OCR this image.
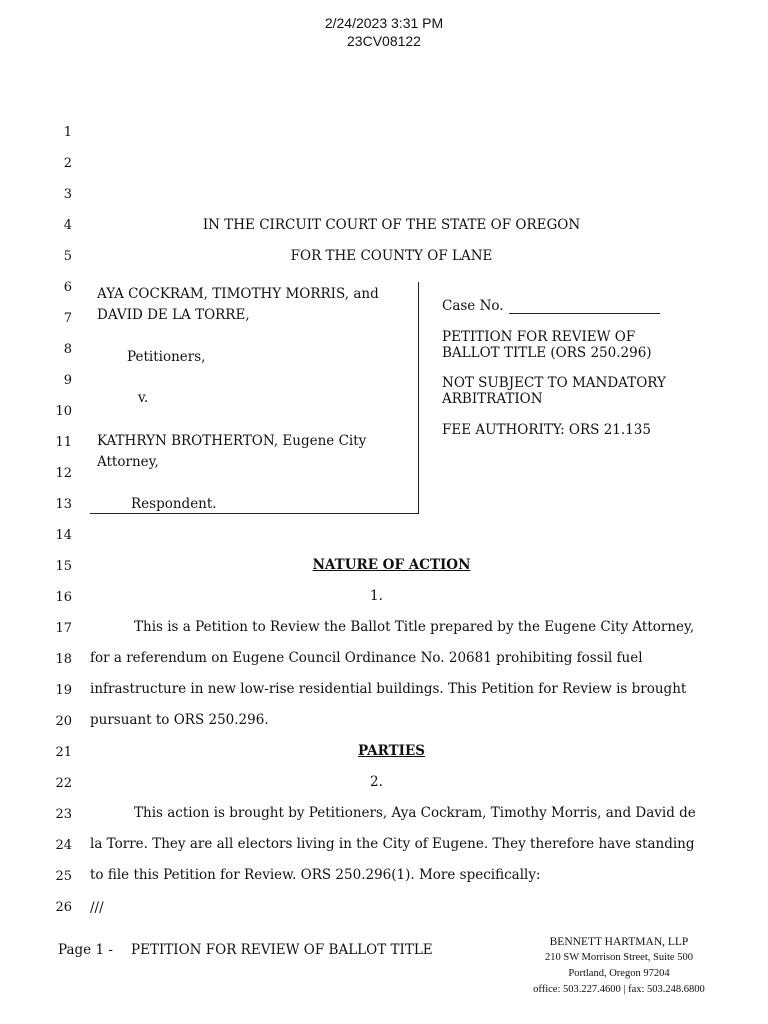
2/24/2023 3:31 PM
23CV08122
1
2
3
4
5
6
7
8
9
10
11
12
13
14
15
16
17
18
19
20
21
22
23
24
25
26
IN THE CIRCUIT COURT OF THE STATE OF OREGON
FOR THE COUNTY OF LANE
AYA COCKRAM, TIMOTHY MORRIS, and
DAVID DE LA TORRE,
Petitioners,
v.
KATHRYN BROTHERTON, Eugene City
Attorney,
Respondent.
Case No.
PETITION FOR REVIEW OF
BALLOT TITLE (ORS 250.296)
NOT SUBJECT TO MANDATORY
ARBITRATION
FEE AUTHORITY: ORS 21.135
NATURE OF ACTION
1.
This is a Petition to Review the Ballot Title prepared by the Eugene City Attorney,
for a referendum on Eugene Council Ordinance No. 20681 prohibiting fossil fuel
infrastructure in new low-rise residential buildings. This Petition for Review is brought
pursuant to ORS 250.296.
PARTIES
2.
This action is brought by Petitioners, Aya Cockram, Timothy Morris, and David de
la Torre. They are all electors living in the City of Eugene. They therefore have standing
to file this Petition for Review. ORS 250.296(1). More specifically:
///
Page 1 - PETITION FOR REVIEW OF BALLOT TITLE	BENNETT HARTMAN, LLP
210 SW Morrison Street, Suite 500
Portland, Oregon 97204
office: 503.227.4600 | fax: 503.248.6800
